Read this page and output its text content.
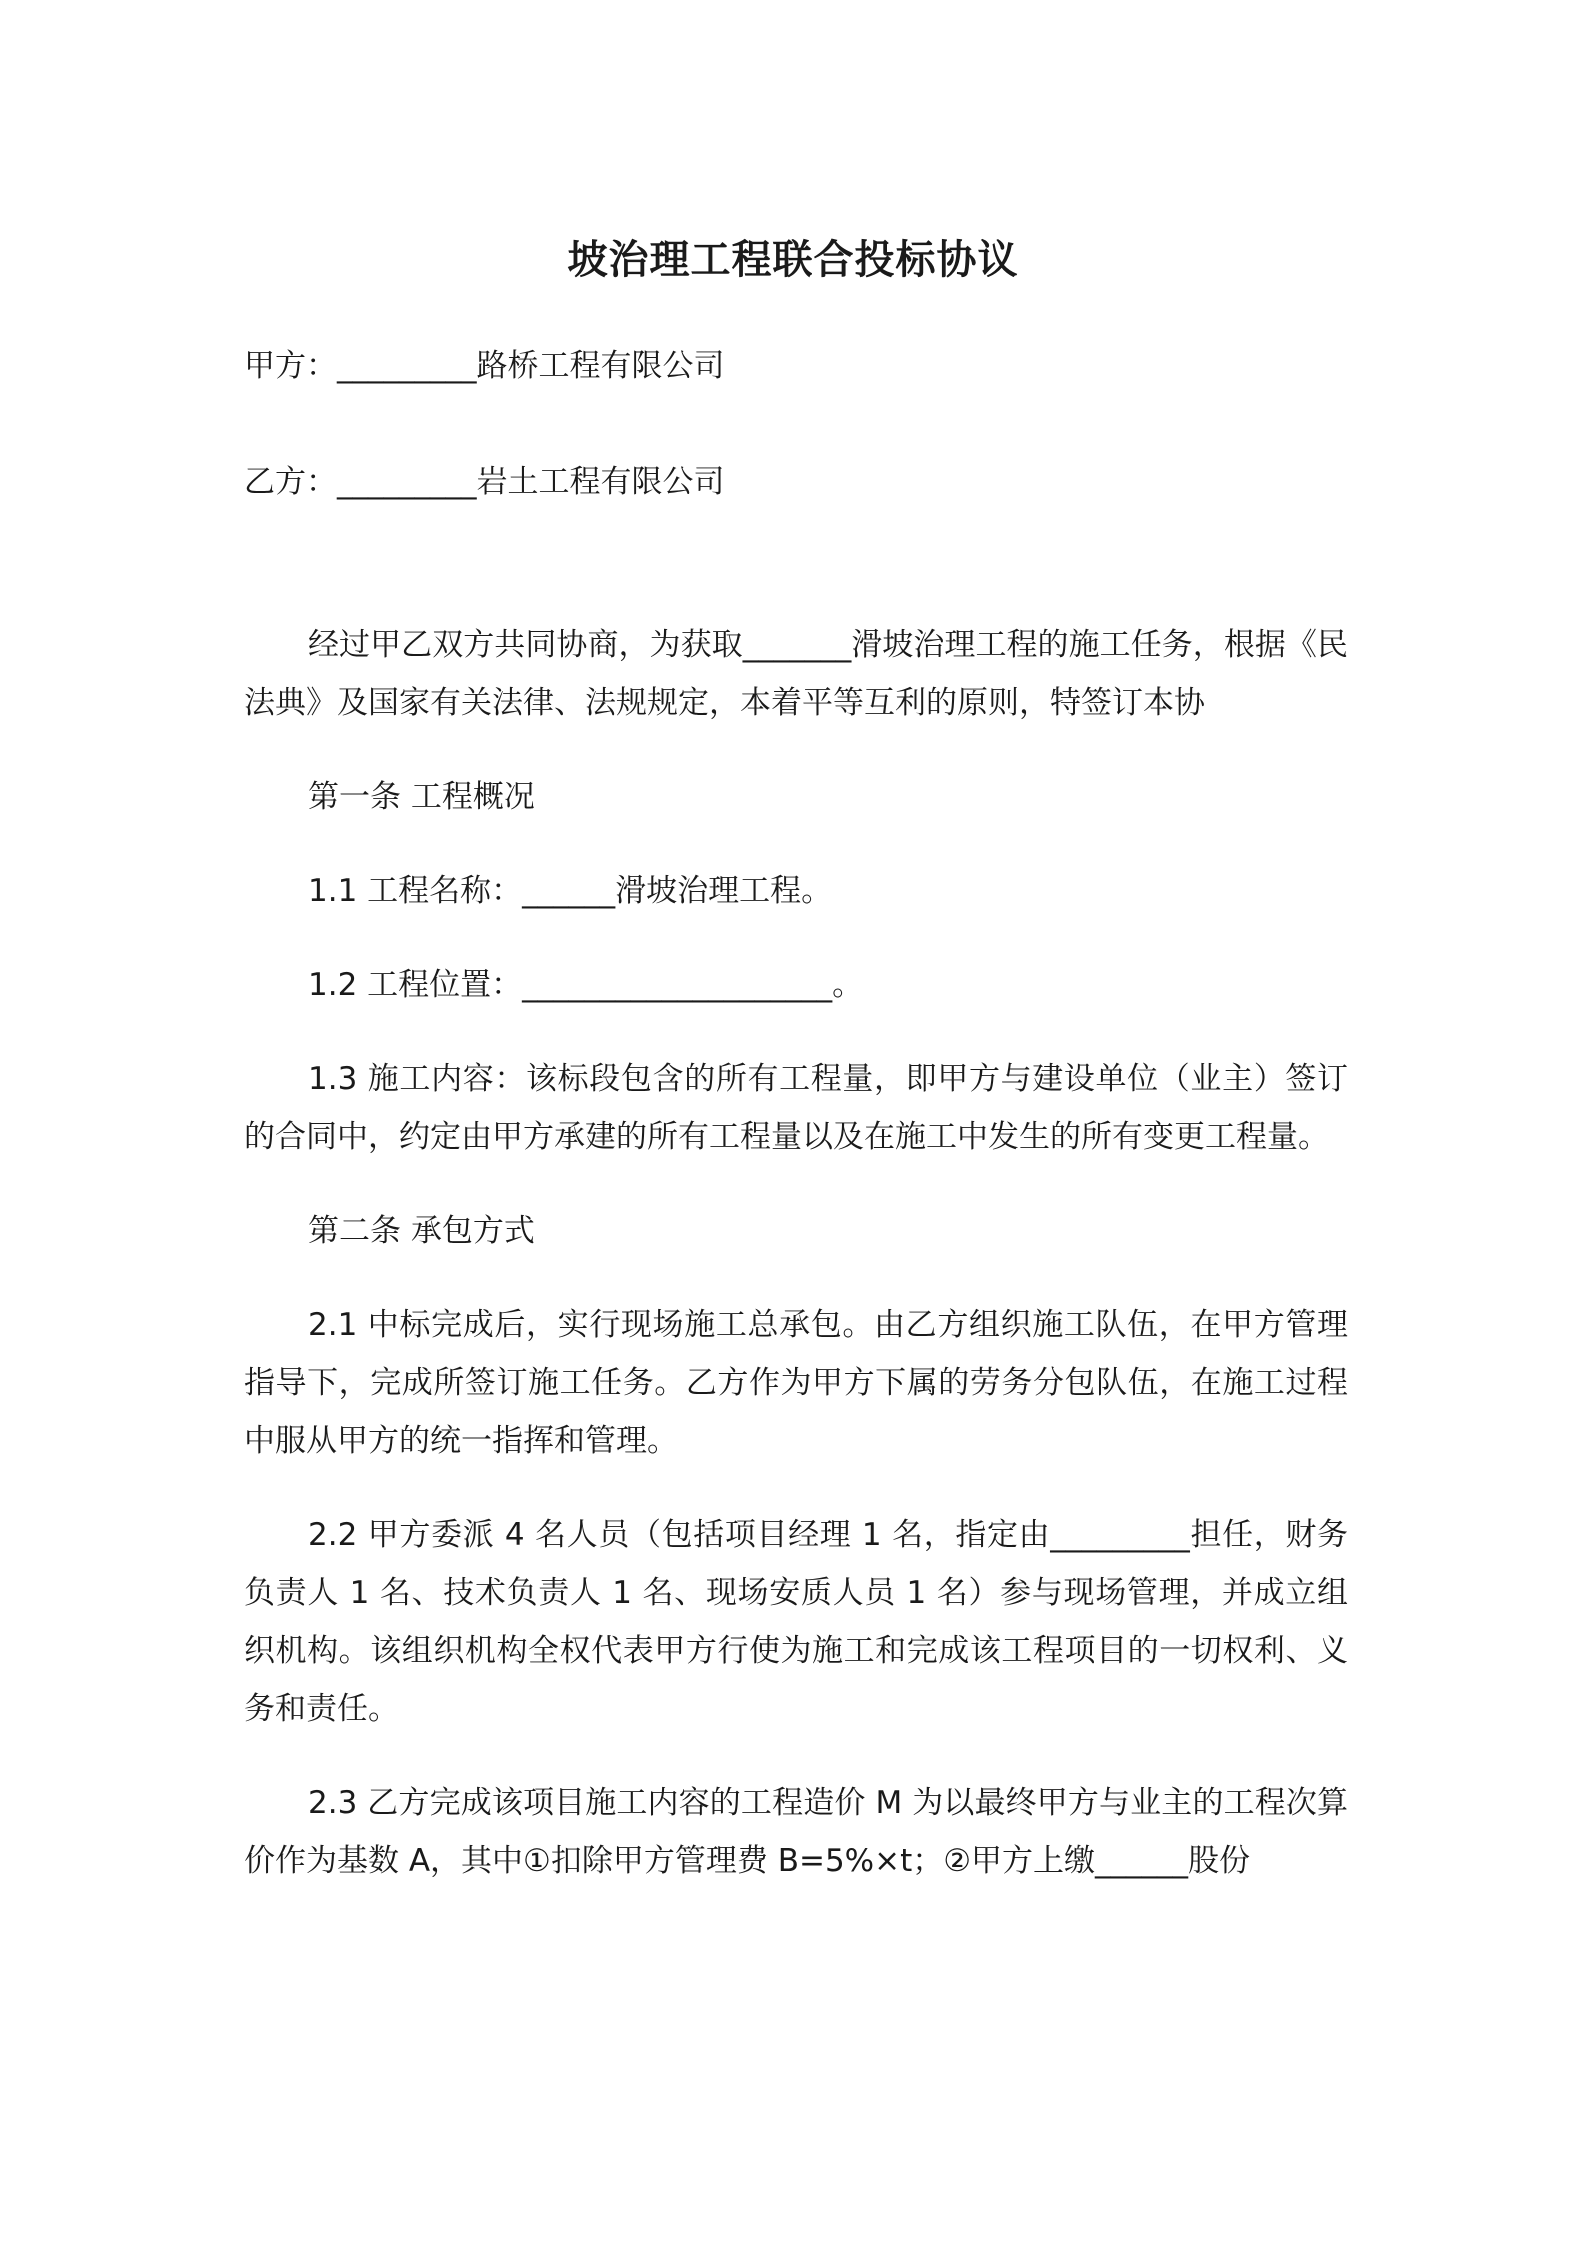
坡治理工程联合投标协议

甲方：_________路桥工程有限公司

乙方：_________岩土工程有限公司

经过甲乙双方共同协商，为获取_______滑坡治理工程的施工任务，根据《民法典》及国家有关法律、法规规定，本着平等互利的原则，特签订本协

第一条 工程概况

1.1 工程名称：______滑坡治理工程。

1.2 工程位置：____________________。

1.3 施工内容：该标段包含的所有工程量，即甲方与建设单位（业主）签订的合同中，约定由甲方承建的所有工程量以及在施工中发生的所有变更工程量。

第二条 承包方式

2.1 中标完成后，实行现场施工总承包。由乙方组织施工队伍，在甲方管理指导下，完成所签订施工任务。乙方作为甲方下属的劳务分包队伍，在施工过程中服从甲方的统一指挥和管理。

2.2 甲方委派 4 名人员（包括项目经理 1 名，指定由_________担任，财务负责人 1 名、技术负责人 1 名、现场安质人员 1 名）参与现场管理，并成立组织机构。该组织机构全权代表甲方行使为施工和完成该工程项目的一切权利、义务和责任。

2.3 乙方完成该项目施工内容的工程造价 M 为以最终甲方与业主的工程次算价作为基数 A，其中①扣除甲方管理费 B=5%×t；②甲方上缴______股份
